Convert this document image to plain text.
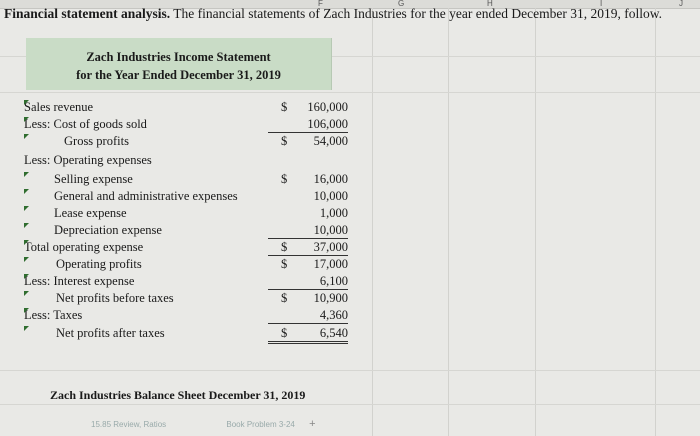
F	G	H	I	J
Financial statement analysis. The financial statements of Zach Industries for the year ended December 31, 2019, follow.
Zach Industries Income Statement
for the Year Ended December 31, 2019
Sales revenue	$	160,000
Less: Cost of goods sold	106,000
Gross profits	$	54,000
Less: Operating expenses
Selling expense	$	16,000
General and administrative expenses	10,000
Lease expense	1,000
Depreciation expense	10,000
Total operating expense	$	37,000
Operating profits	$	17,000
Less: Interest expense	6,100
Net profits before taxes	$	10,900
Less: Taxes	4,360
Net profits after taxes	$	6,540
Zach Industries Balance Sheet December 31, 2019
15.85 Review, Ratios	Book Problem 3-24 +
